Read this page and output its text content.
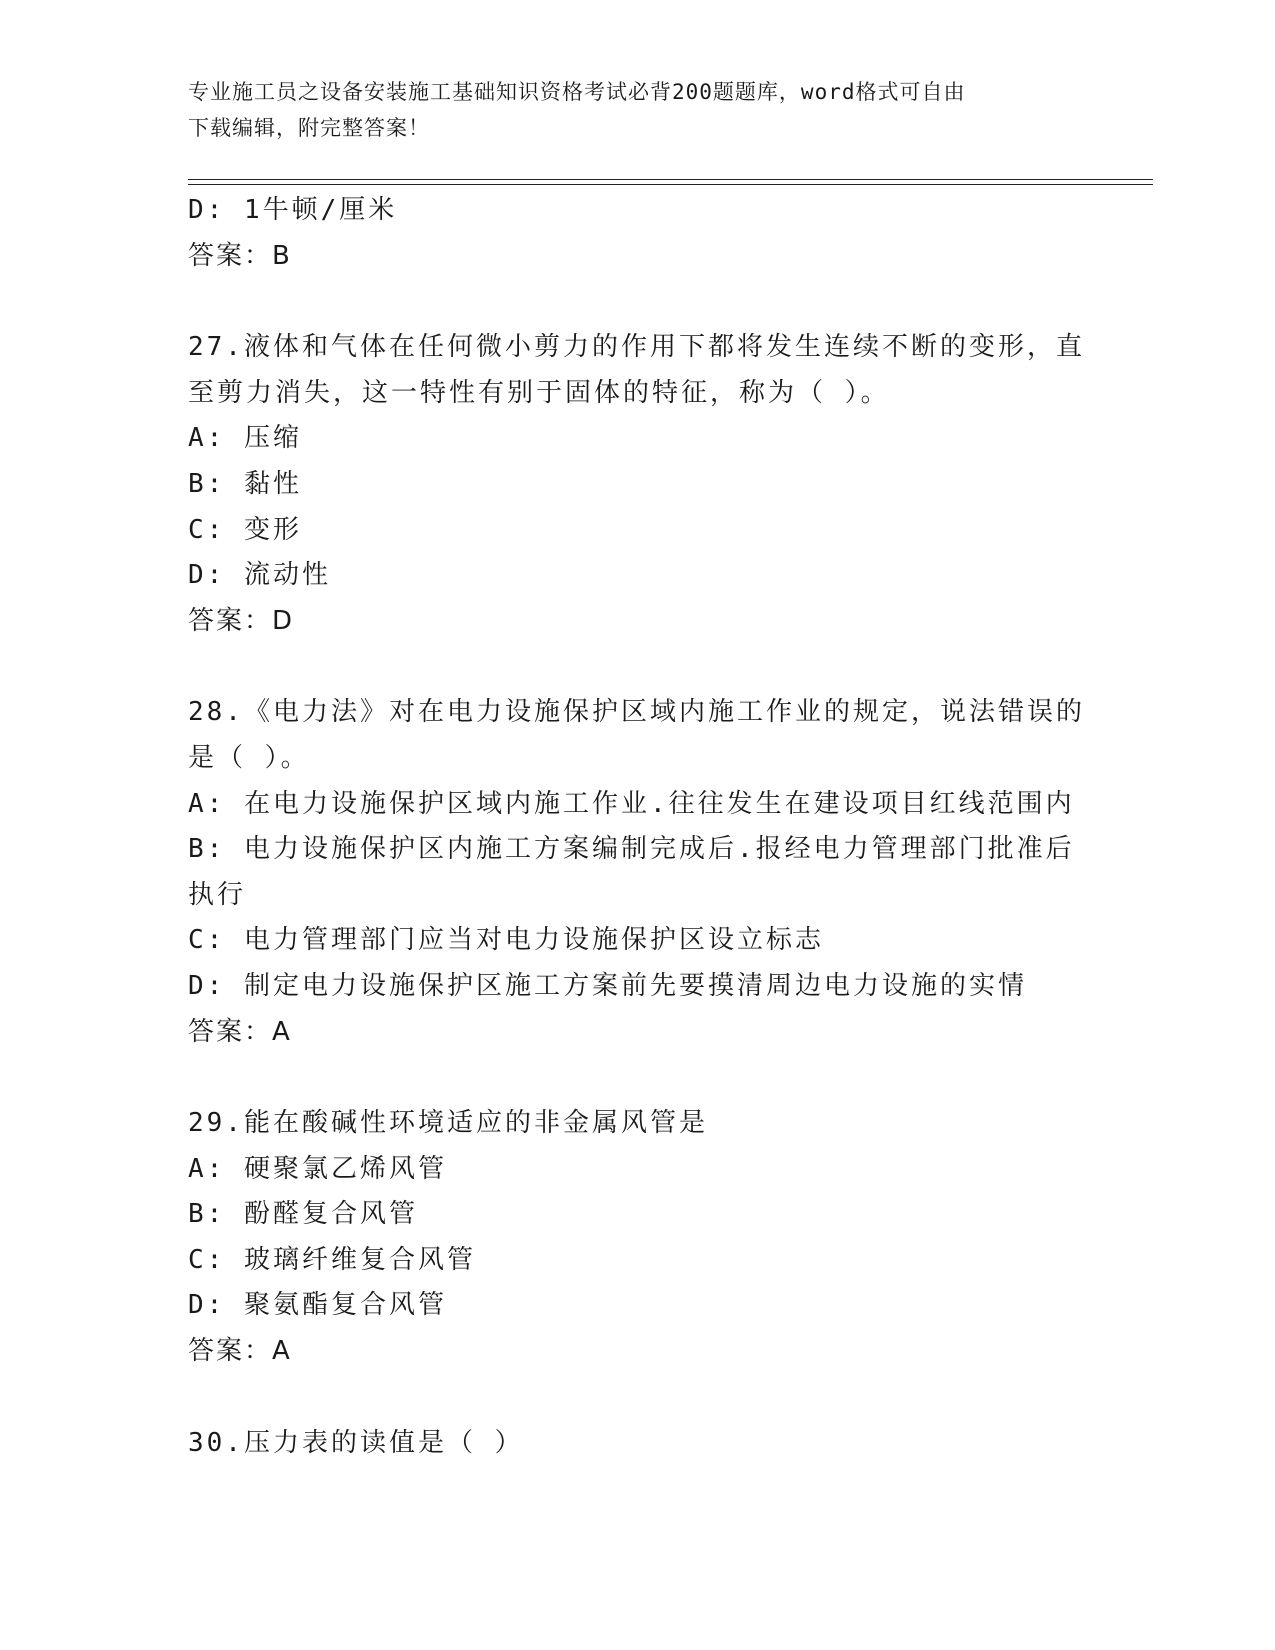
专业施工员之设备安装施工基础知识资格考试必背200题题库，word格式可自由
下载编辑，附完整答案！
D: 1牛顿/厘米
答案：B
27.液体和气体在任何微小剪力的作用下都将发生连续不断的变形，直
至剪力消失，这一特性有别于固体的特征，称为（ ）。
A: 压缩
B: 黏性
C: 变形
D: 流动性
答案：D
28.《电力法》对在电力设施保护区域内施工作业的规定，说法错误的
是（ ）。
A: 在电力设施保护区域内施工作业.往往发生在建设项目红线范围内
B: 电力设施保护区内施工方案编制完成后.报经电力管理部门批准后
执行
C: 电力管理部门应当对电力设施保护区设立标志
D: 制定电力设施保护区施工方案前先要摸清周边电力设施的实情
答案：A
29.能在酸碱性环境适应的非金属风管是
A: 硬聚氯乙烯风管
B: 酚醛复合风管
C: 玻璃纤维复合风管
D: 聚氨酯复合风管
答案：A
30.压力表的读值是（ ）
